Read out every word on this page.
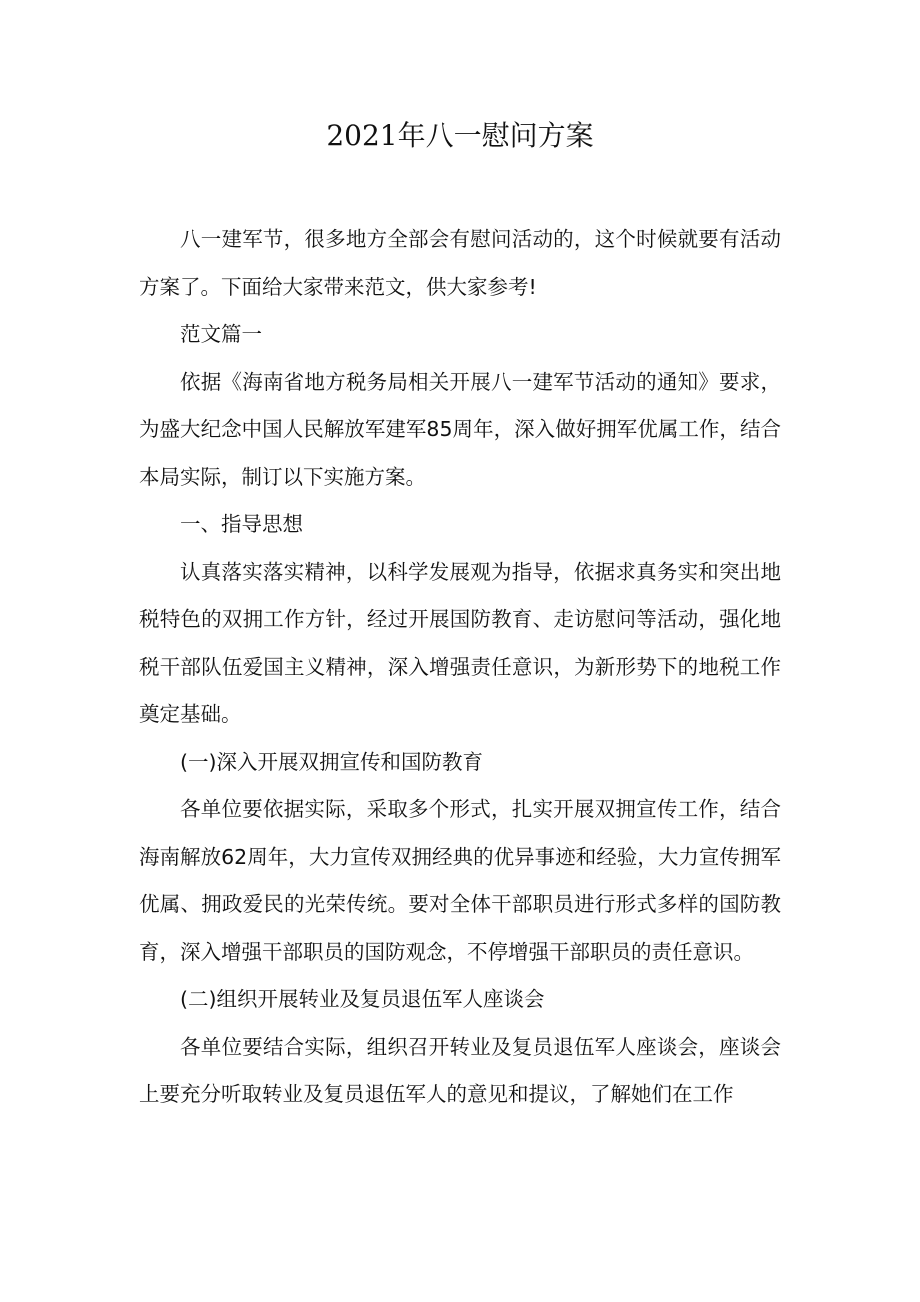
2021年八一慰问方案

八一建军节，很多地方全部会有慰问活动的，这个时候就要有活动方案了。下面给大家带来范文，供大家参考!

范文篇一

依据《海南省地方税务局相关开展八一建军节活动的通知》要求，为盛大纪念中国人民解放军建军85周年，深入做好拥军优属工作，结合本局实际，制订以下实施方案。

一、指导思想

认真落实落实精神，以科学发展观为指导，依据求真务实和突出地税特色的双拥工作方针，经过开展国防教育、走访慰问等活动，强化地税干部队伍爱国主义精神，深入增强责任意识，为新形势下的地税工作奠定基础。

(一)深入开展双拥宣传和国防教育

各单位要依据实际，采取多个形式，扎实开展双拥宣传工作，结合海南解放62周年，大力宣传双拥经典的优异事迹和经验，大力宣传拥军优属、拥政爱民的光荣传统。要对全体干部职员进行形式多样的国防教育，深入增强干部职员的国防观念，不停增强干部职员的责任意识。

(二)组织开展转业及复员退伍军人座谈会

各单位要结合实际，组织召开转业及复员退伍军人座谈会，座谈会上要充分听取转业及复员退伍军人的意见和提议，了解她们在工作
